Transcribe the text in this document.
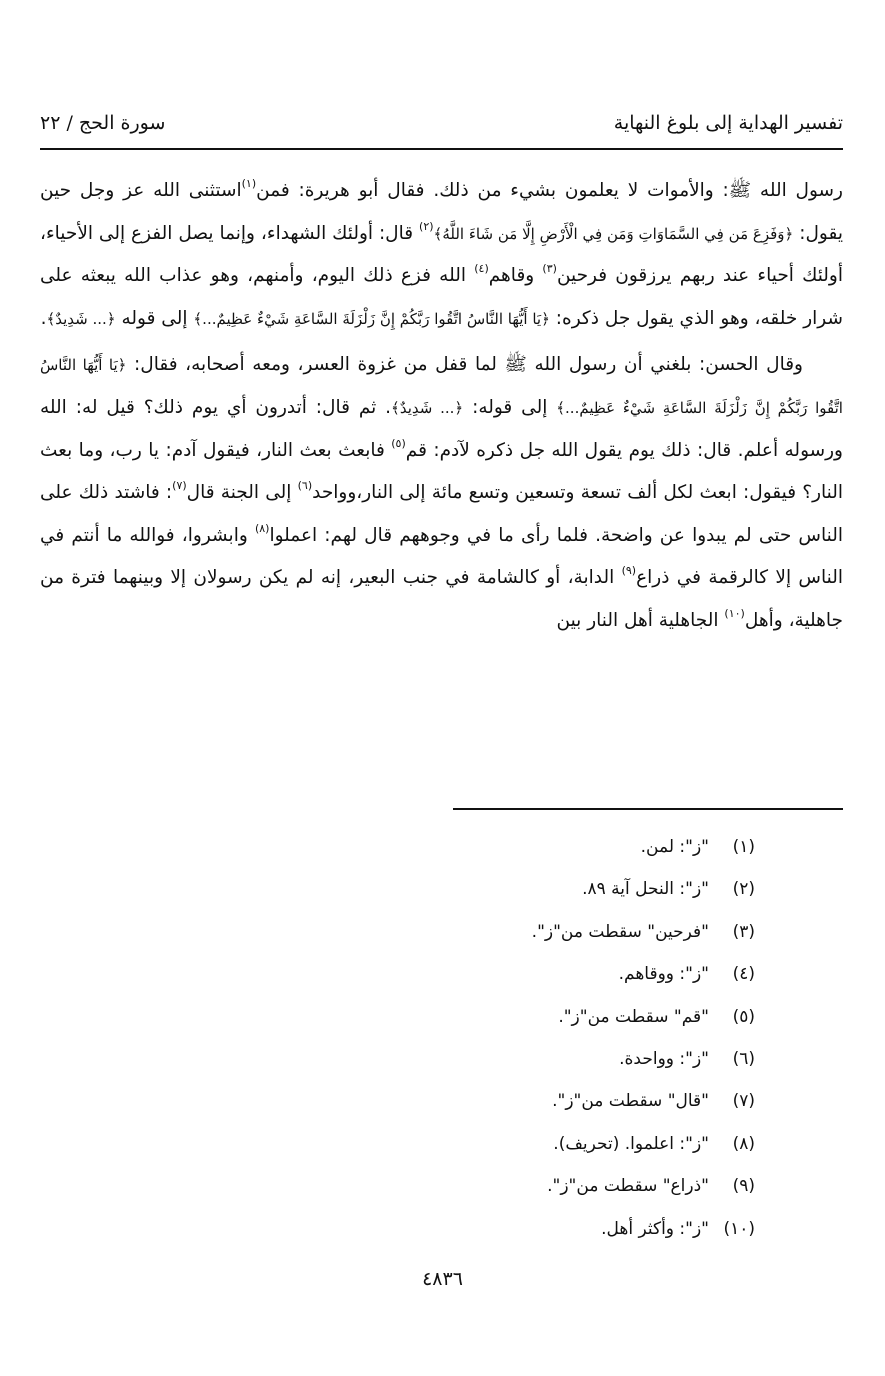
تفسير الهداية إلى بلوغ النهاية
سورة الحج / ٢٢

رسول الله ﷺ: والأموات لا يعلمون بشيء من ذلك. فقال أبو هريرة: فمن$^{(١)}$استثنى الله عز وجل حين يقول: ﴿وَفَزِعَ مَن فِي السَّمَاوَاتِ وَمَن فِي الْأَرْضِ إِلَّا مَن شَاءَ اللَّهُ﴾$^{(٢)}$ قال: أولئك الشهداء، وإنما يصل الفزع إلى الأحياء، أولئك أحياء عند ربهم يرزقون فرحين$^{(٣)}$ وقاهم$^{(٤)}$ الله فزع ذلك اليوم، وأمنهم، وهو عذاب الله يبعثه على شرار خلقه، وهو الذي يقول جل ذكره: ﴿يَا أَيُّهَا النَّاسُ اتَّقُوا رَبَّكُمْ إِنَّ زَلْزَلَةَ السَّاعَةِ شَيْءٌ عَظِيمٌ...﴾ إلى قوله ﴿... شَدِيدٌ﴾.

وقال الحسن: بلغني أن رسول الله ﷺ لما قفل من غزوة العسر، ومعه أصحابه، فقال: ﴿يَا أَيُّهَا النَّاسُ اتَّقُوا رَبَّكُمْ إِنَّ زَلْزَلَةَ السَّاعَةِ شَيْءٌ عَظِيمٌ...﴾ إلى قوله: ﴿... شَدِيدٌ﴾. ثم قال: أتدرون أي يوم ذلك؟ قيل له: الله ورسوله أعلم. قال: ذلك يوم يقول الله جل ذكره لآدم: قم$^{(٥)}$ فابعث بعث النار، فيقول آدم: يا رب، وما بعث النار؟ فيقول: ابعث لكل ألف تسعة وتسعين وتسع مائة إلى النار،وواحد$^{(٦)}$ إلى الجنة قال$^{(٧)}$: فاشتد ذلك على الناس حتى لم يبدوا عن واضحة. فلما رأى ما في وجوههم قال لهم: اعملوا$^{(٨)}$ وابشروا، فوالله ما أنتم في الناس إلا كالرقمة في ذراع$^{(٩)}$ الدابة، أو كالشامة في جنب البعير، إنه لم يكن رسولان إلا وبينهما فترة من جاهلية، وأهل$^{(١٠)}$ الجاهلية أهل النار بين

(١)"ز": لمن.
(٢)"ز": النحل آية ٨٩.
(٣)"فرحين" سقطت من"ز".
(٤)"ز": ووقاهم.
(٥)"قم" سقطت من"ز".
(٦)"ز": وواحدة.
(٧)"قال" سقطت من"ز".
(٨)"ز": اعلموا. (تحريف).
(٩)"ذراع" سقطت من"ز".
(١٠)"ز": وأكثر أهل.
٤٨٣٦
